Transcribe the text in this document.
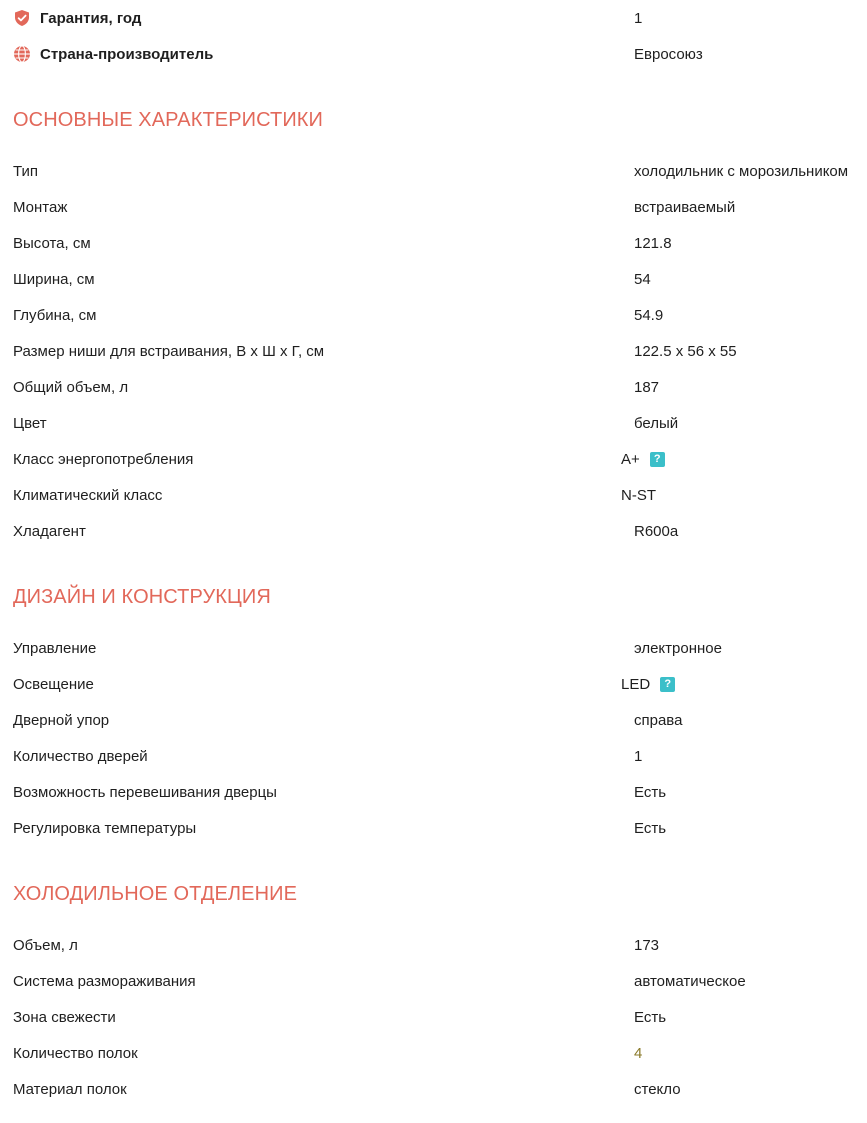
Гарантия, год	1
Страна-производитель	Евросоюз
ОСНОВНЫЕ ХАРАКТЕРИСТИКИ
Тип	холодильник с морозильником
Монтаж	встраиваемый
Высота, см	121.8
Ширина, см	54
Глубина, см	54.9
Размер ниши для встраивания, В x Ш x Г, см	122.5 x 56 x 55
Общий объем, л	187
Цвет	белый
Класс энергопотребления	A+	?
Климатический класс	N-ST
Хладагент	R600a
ДИЗАЙН И КОНСТРУКЦИЯ
Управление	электронное
Освещение	LED	?
Дверной упор	справа
Количество дверей	1
Возможность перевешивания дверцы	Есть
Регулировка температуры	Есть
ХОЛОДИЛЬНОЕ ОТДЕЛЕНИЕ
Объем, л	173
Система размораживания	автоматическое
Зона свежести	Есть
Количество полок	4
Материал полок	стекло
